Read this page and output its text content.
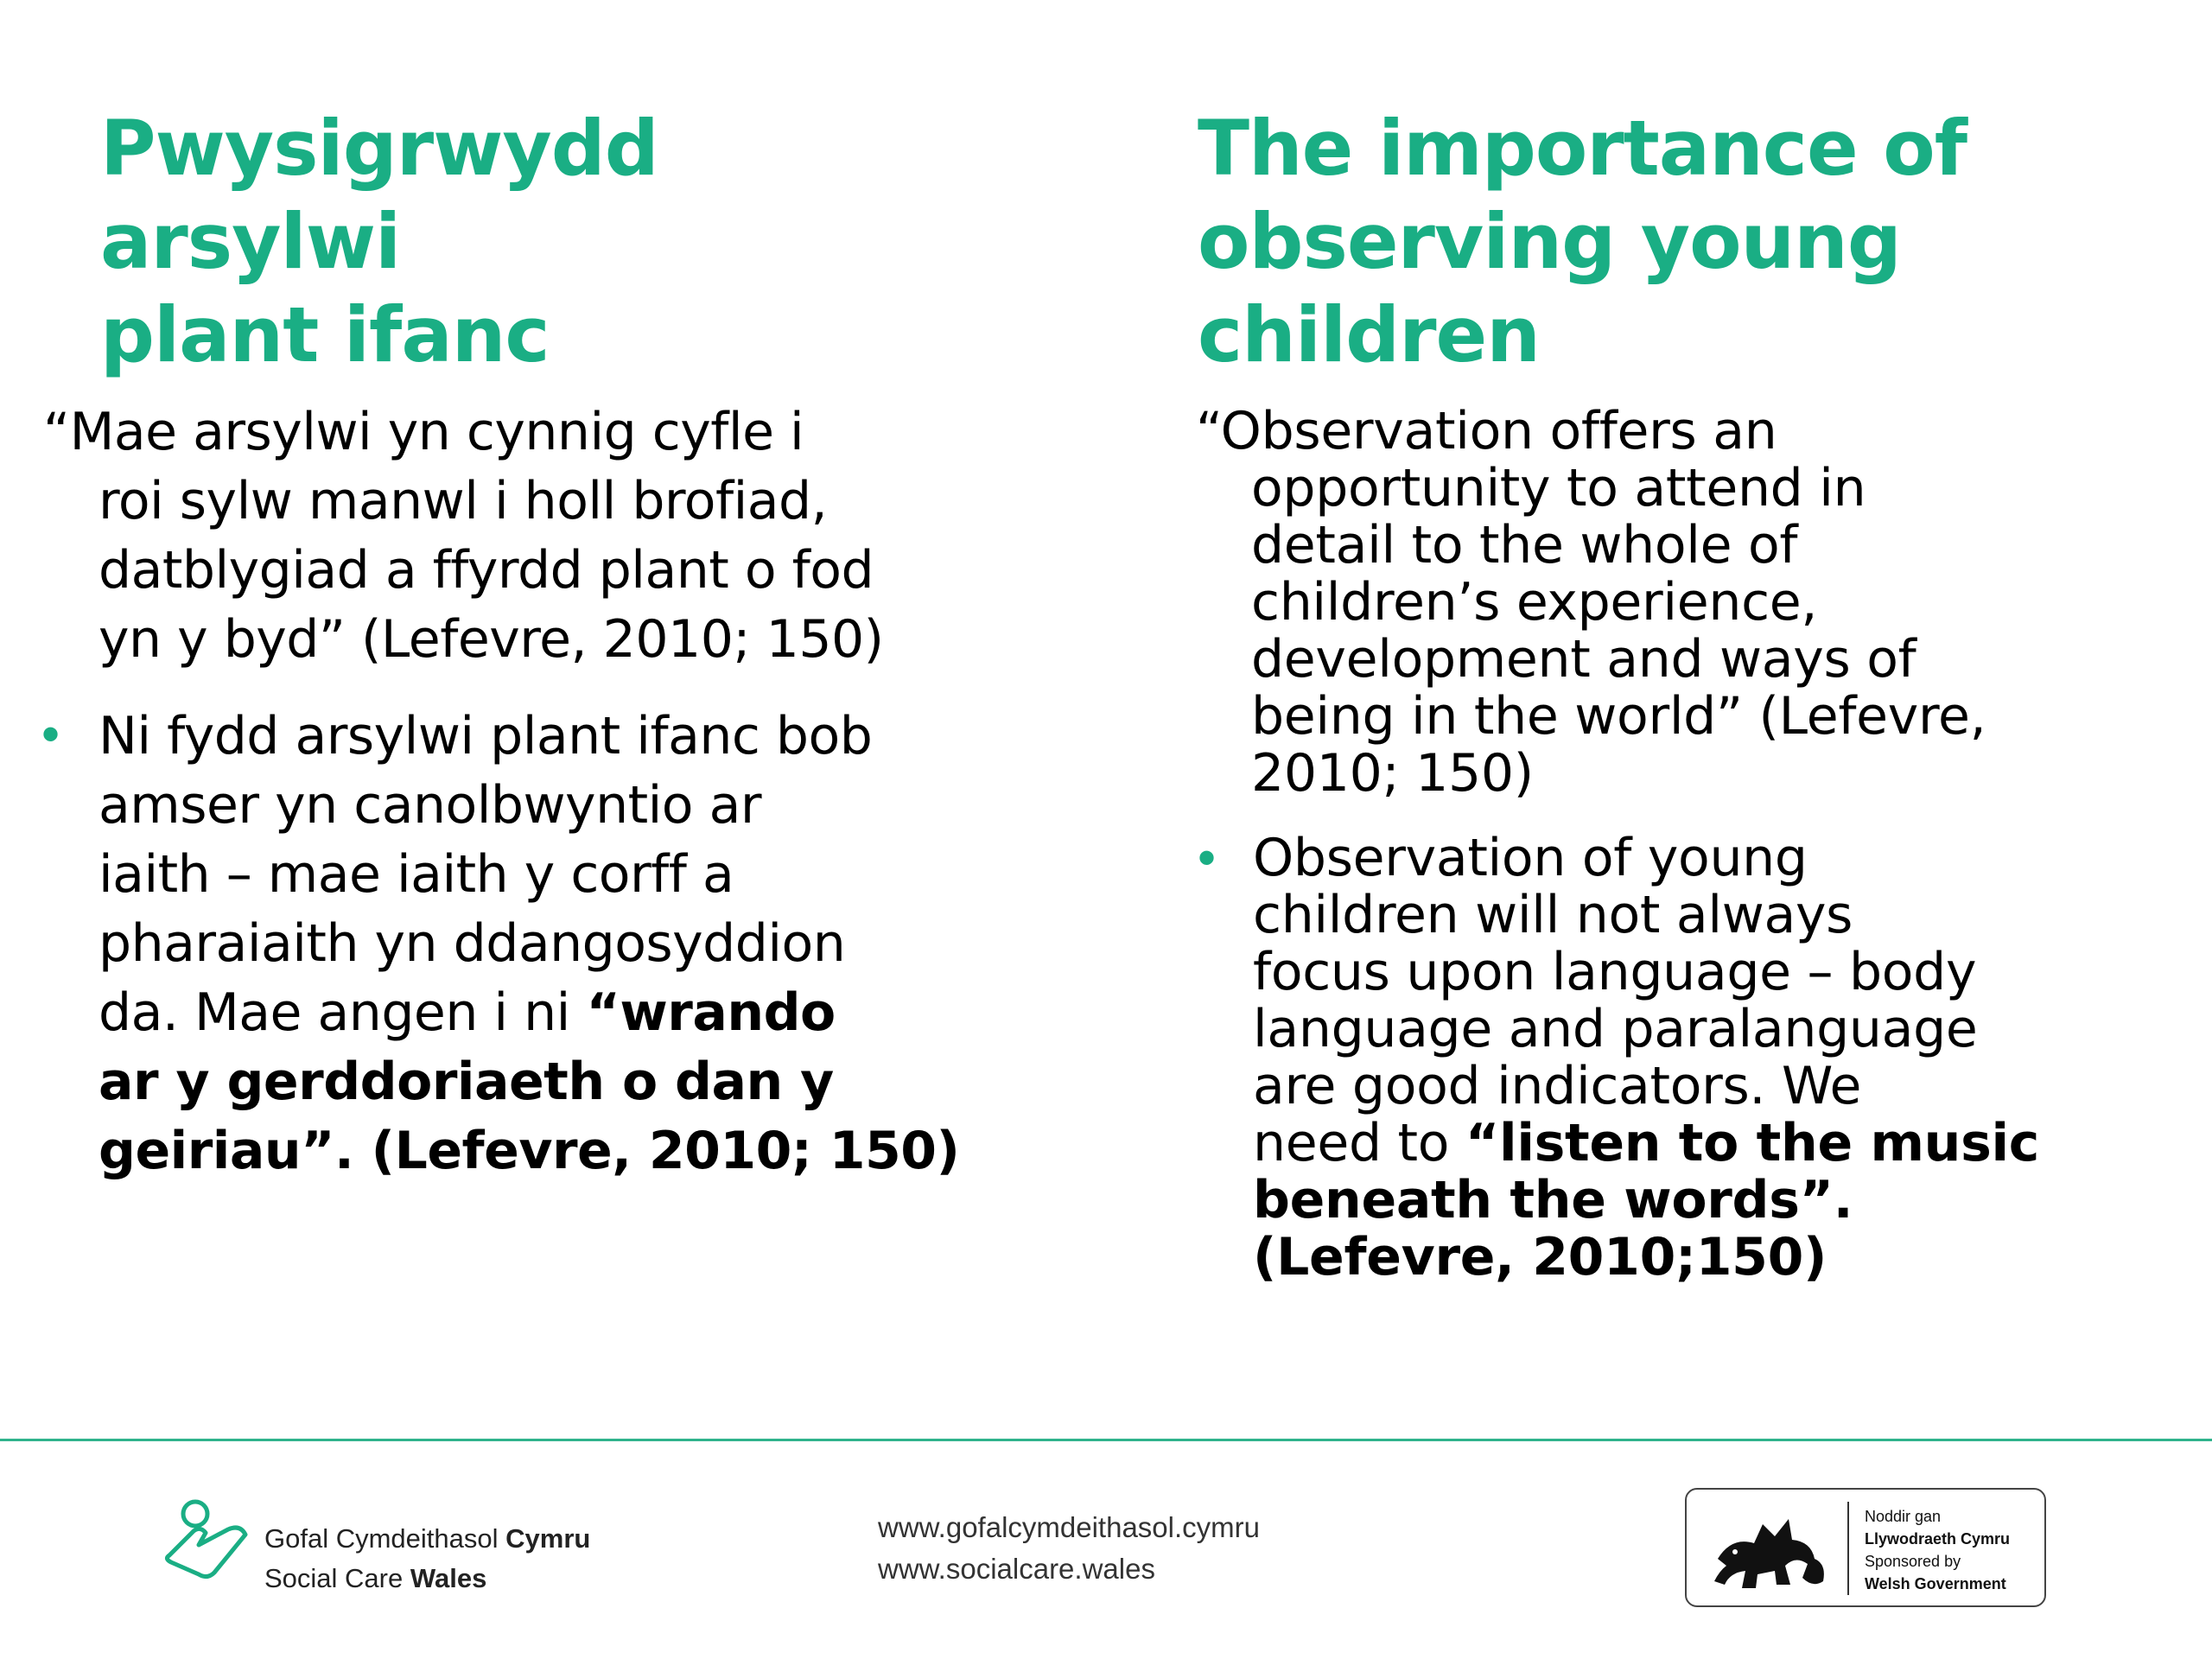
Pwysigrwydd arsylwi
plant ifanc
“Mae arsylwi yn cynnig cyfle i
roi sylw manwl i holl brofiad,
datblygiad a ffyrdd plant o fod
yn y byd” (Lefevre, 2010; 150)
• Ni fydd arsylwi plant ifanc bob
amser yn canolbwyntio ar
iaith – mae iaith y corff a
pharaiaith yn ddangosyddion
da. Mae angen i ni “wrando
ar y gerddoriaeth o dan y
geiriau”. (Lefevre, 2010; 150)
The importance of
observing young
children
“Observation offers an
opportunity to attend in
detail to the whole of
children’s experience,
development and ways of
being in the world” (Lefevre,
2010; 150)
• Observation of young
children will not always
focus upon language – body
language and paralanguage
are good indicators. We
need to “listen to the music
beneath the words”.
(Lefevre, 2010;150)
Gofal Cymdeithasol Cymru
Social Care Wales
www.gofalcymdeithasol.cymru
www.socialcare.wales
Noddir gan
Llywodraeth Cymru
Sponsored by
Welsh Government
